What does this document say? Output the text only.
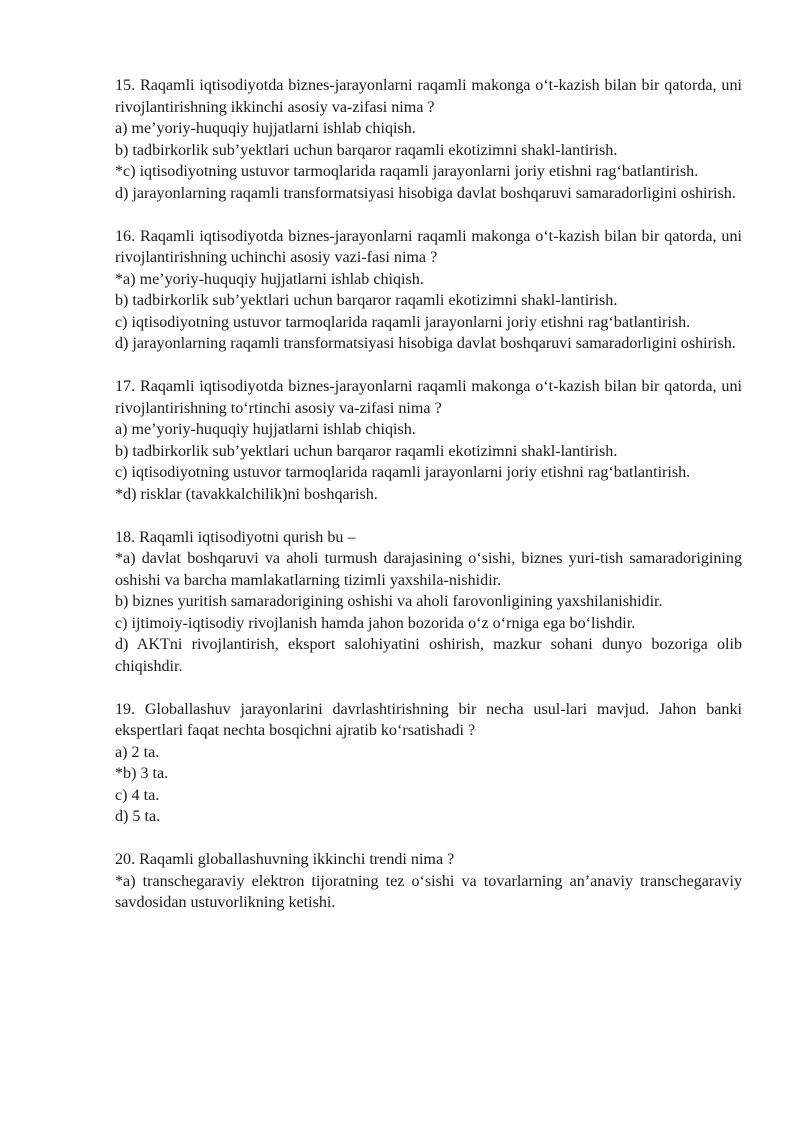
15. Raqamli iqtisodiyotda biznes-jarayonlarni raqamli makonga o‘t-kazish bilan bir qatorda, uni rivojlantirishning ikkinchi asosiy va-zifasi nima ?

a) me’yoriy-huquqiy hujjatlarni ishlab chiqish.

b) tadbirkorlik sub’yektlari uchun barqaror raqamli ekotizimni shakl-lantirish.

*c) iqtisodiyotning ustuvor tarmoqlarida raqamli jarayonlarni joriy etishni rag‘batlantirish.

d) jarayonlarning raqamli transformatsiyasi hisobiga davlat boshqaruvi samaradorligini oshirish.

16. Raqamli iqtisodiyotda biznes-jarayonlarni raqamli makonga o‘t-kazish bilan bir qatorda, uni rivojlantirishning uchinchi asosiy vazi-fasi nima ?

*a) me’yoriy-huquqiy hujjatlarni ishlab chiqish.

b) tadbirkorlik sub’yektlari uchun barqaror raqamli ekotizimni shakl-lantirish.

c) iqtisodiyotning ustuvor tarmoqlarida raqamli jarayonlarni joriy etishni rag‘batlantirish.

d) jarayonlarning raqamli transformatsiyasi hisobiga davlat boshqaruvi samaradorligini oshirish.

17. Raqamli iqtisodiyotda biznes-jarayonlarni raqamli makonga o‘t-kazish bilan bir qatorda, uni rivojlantirishning to‘rtinchi asosiy va-zifasi nima ?

a) me’yoriy-huquqiy hujjatlarni ishlab chiqish.

b) tadbirkorlik sub’yektlari uchun barqaror raqamli ekotizimni shakl-lantirish.

c) iqtisodiyotning ustuvor tarmoqlarida raqamli jarayonlarni joriy etishni rag‘batlantirish.

*d) risklar (tavakkalchilik)ni boshqarish.

18. Raqamli iqtisodiyotni qurish bu –

*a) davlat boshqaruvi va aholi turmush darajasining o‘sishi, biznes yuri-tish samaradorigining oshishi va barcha mamlakatlarning tizimli yaxshila-nishidir.

b) biznes yuritish samaradorigining oshishi va aholi farovonligining yaxshilanishidir.

c) ijtimoiy-iqtisodiy rivojlanish hamda jahon bozorida o‘z o‘rniga ega bo‘lishdir.

d) AKTni rivojlantirish, eksport salohiyatini oshirish, mazkur sohani dunyo bozoriga olib chiqishdir.

19. Globallashuv jarayonlarini davrlashtirishning bir necha usul-lari mavjud. Jahon banki ekspertlari faqat nechta bosqichni ajratib ko‘rsatishadi ?

a) 2 ta.

*b) 3 ta.

c) 4 ta.

d) 5 ta.

20. Raqamli globallashuvning ikkinchi trendi nima ?

*a) transchegaraviy elektron tijoratning tez o‘sishi va tovarlarning an’anaviy transchegaraviy savdosidan ustuvorlikning ketishi.
